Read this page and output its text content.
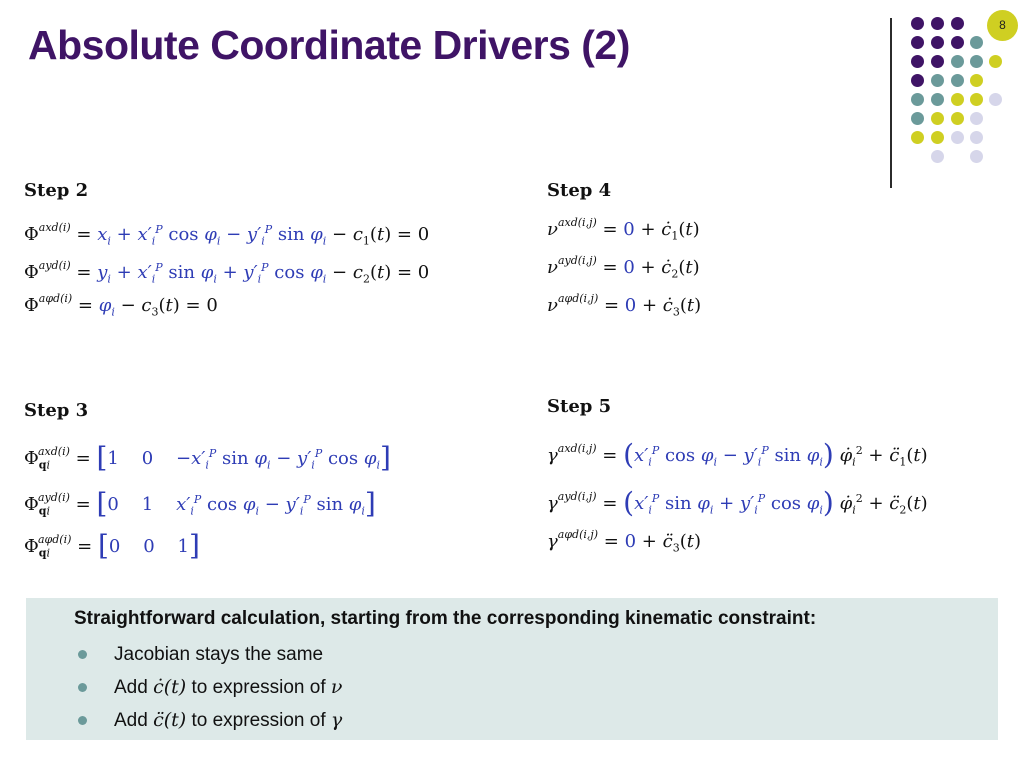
Absolute Coordinate Drivers (2)	8
Step 2
$\Phi^{axd(i)} = x_i + x'_i^P$ $\cos \varphi_i - y'_i^P$ $\sin \varphi_i - c_1(t) = 0$
$\Phi^{ayd(i)} = y_i + x'_i^P$ $\sin \varphi_i + y'_i^P$ $\cos \varphi_i - c_2(t) = 0$
$\Phi^{a\varphi d(i)} = \varphi_i - c_3(t) = 0$
Step 3
$\Phi_{qi}^{axd(i)} = [1$    0    $-x'_i^P$ $\sin \varphi_i - y'_i^P$ $\cos \varphi_i$]
$\Phi_{qi}^{ayd(i)} = [0$    1    $x'_i^P$ $\cos \varphi_i - y'_i^P$ $\sin \varphi_i$]
$\Phi_{qi}^{a\varphi d(i)} = [0$    0    1]
Step 4
$\nu^{axd(i,j)} = 0$ + $ċ_1(t)$
$\nu^{ayd(i,j)} = 0$ + $ċ_2(t)$
$\nu^{a\varphi d(i,j)} = 0$ + $ċ_3(t)$
Step 5
$\gamma^{axd(i,j)} = (x'_i^P$ $\cos \varphi_i - y'_i^P$ $\sin \varphi_i$) $\varphi̇_i^2$ + $c̈_1(t)$
$\gamma^{ayd(i,j)} = (x'_i^P$ $\sin \varphi_i + y'_i^P$ $\cos \varphi_i$) $\varphi̇_i^2$ + $c̈_2(t)$
$\gamma^{a\varphi d(i,j)} = 0$ + $c̈_3(t)$

Straightforward calculation, starting from the corresponding kinematic constraint:

Jacobian stays the same
Add ċ(t) to expression of ν
Add c̈(t) to expression of γ
